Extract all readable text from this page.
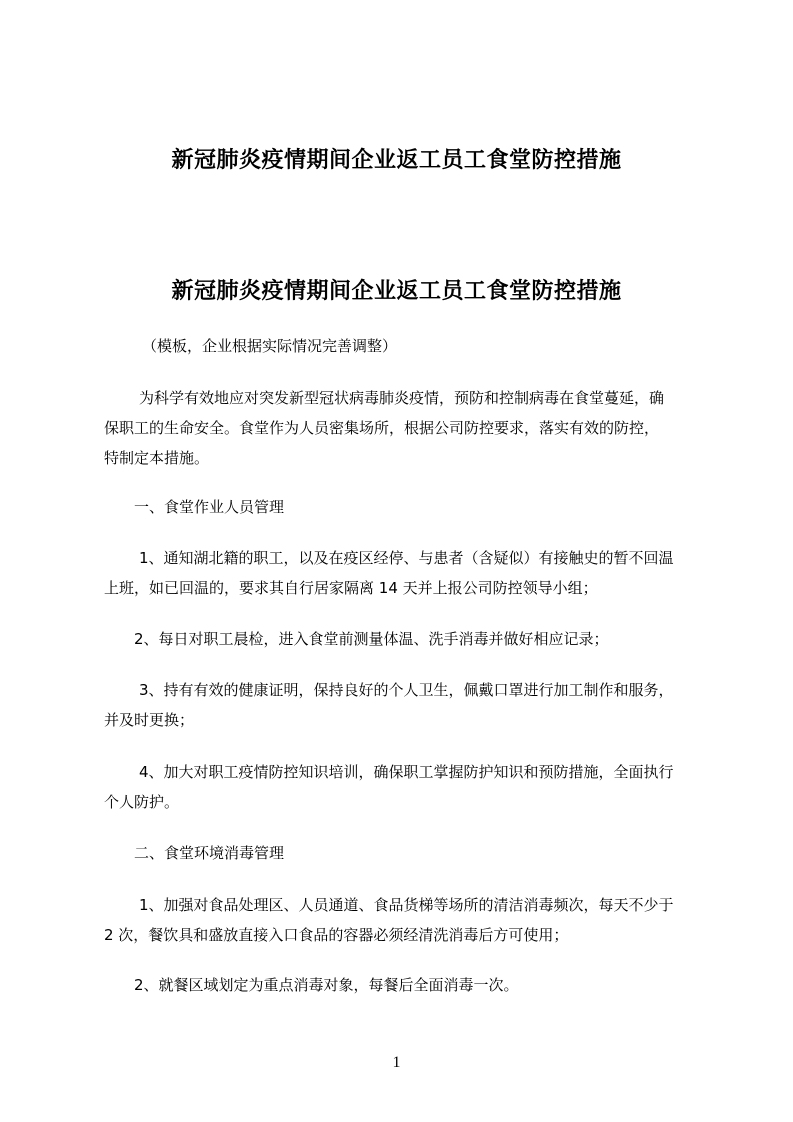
新冠肺炎疫情期间企业返工员工食堂防控措施
新冠肺炎疫情期间企业返工员工食堂防控措施
（模板，企业根据实际情况完善调整）
为科学有效地应对突发新型冠状病毒肺炎疫情，预防和控制病毒在食堂蔓延，确
保职工的生命安全。食堂作为人员密集场所，根据公司防控要求，落实有效的防控，
特制定本措施。
一、食堂作业人员管理
1、通知湖北籍的职工，以及在疫区经停、与患者（含疑似）有接触史的暂不回温
上班，如已回温的，要求其自行居家隔离 14 天并上报公司防控领导小组；
2、每日对职工晨检，进入食堂前测量体温、洗手消毒并做好相应记录；
3、持有有效的健康证明，保持良好的个人卫生，佩戴口罩进行加工制作和服务，
并及时更换；
4、加大对职工疫情防控知识培训，确保职工掌握防护知识和预防措施，全面执行
个人防护。
二、食堂环境消毒管理
1、加强对食品处理区、人员通道、食品货梯等场所的清洁消毒频次，每天不少于
2 次，餐饮具和盛放直接入口食品的容器必须经清洗消毒后方可使用；
2、就餐区域划定为重点消毒对象，每餐后全面消毒一次。
1
